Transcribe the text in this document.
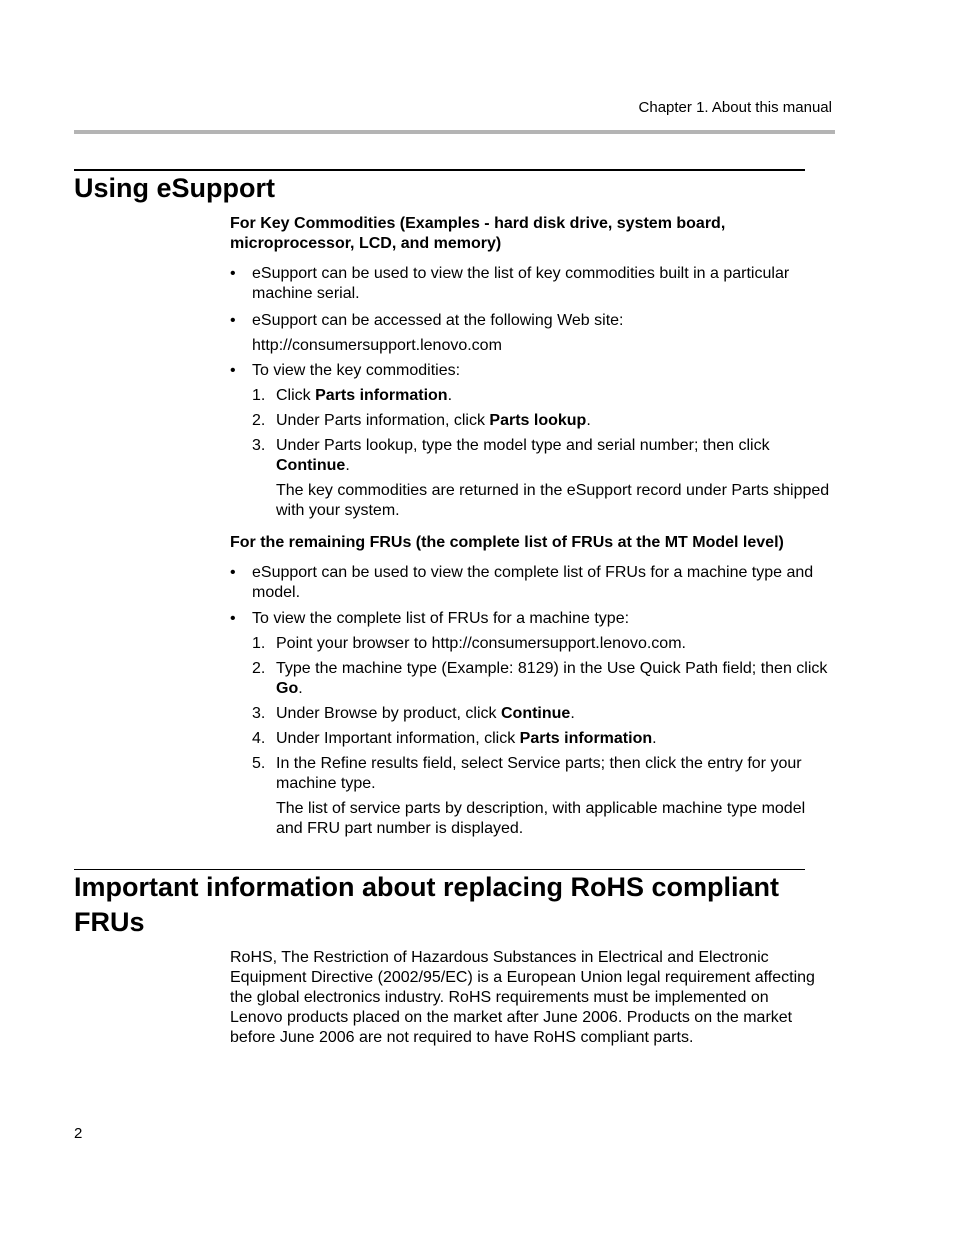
Chapter 1. About this manual
Using eSupport

For Key Commodities (Examples - hard disk drive, system board, microprocessor, LCD, and memory)

• eSupport can be used to view the list of key commodities built in a particular machine serial.
• eSupport can be accessed at the following Web site:

http://consumersupport.lenovo.com

• To view the key commodities:
1. Click Parts information.
2. Under Parts information, click Parts lookup.
3. Under Parts lookup, type the model type and serial number; then click Continue.

The key commodities are returned in the eSupport record under Parts shipped with your system.

For the remaining FRUs (the complete list of FRUs at the MT Model level)

• eSupport can be used to view the complete list of FRUs for a machine type and model.
• To view the complete list of FRUs for a machine type:
1. Point your browser to http://consumersupport.lenovo.com.
2. Type the machine type (Example: 8129) in the Use Quick Path field; then click Go.
3. Under Browse by product, click Continue.
4. Under Important information, click Parts information.
5. In the Refine results field, select Service parts; then click the entry for your machine type.

The list of service parts by description, with applicable machine type model and FRU part number is displayed.

Important information about replacing RoHS compliant FRUs

RoHS, The Restriction of Hazardous Substances in Electrical and Electronic Equipment Directive (2002/95/EC) is a European Union legal requirement affecting the global electronics industry. RoHS requirements must be implemented on Lenovo products placed on the market after June 2006. Products on the market before June 2006 are not required to have RoHS compliant parts.

2
